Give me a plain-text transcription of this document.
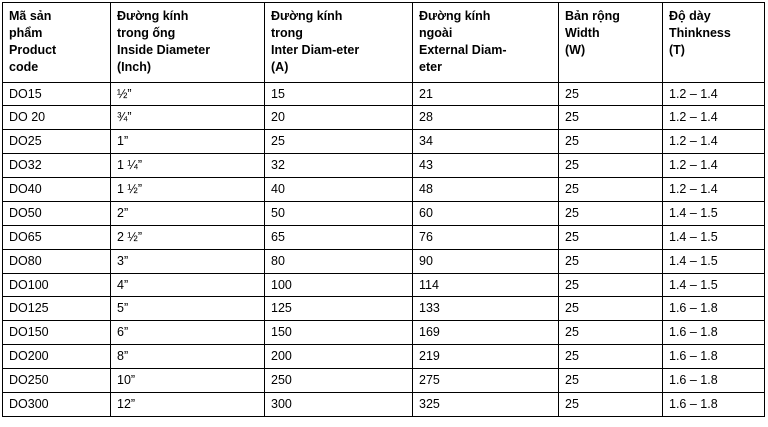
Mã sản
phẩm
Product
code	Đường kính
trong ống
Inside Diameter
(Inch)	Đường kính
trong
Inter Diam-eter
(A)	Đường kính
ngoài
External Diam-
eter	Bản rộng
Width
(W)	Độ dày
Thinkness
(T)

DO15	½”	15	21	25	1.2 – 1.4
DO 20	¾”	20	28	25	1.2 – 1.4
DO25	1”	25	34	25	1.2 – 1.4
DO32	1 ¼”	32	43	25	1.2 – 1.4
DO40	1 ½”	40	48	25	1.2 – 1.4
DO50	2”	50	60	25	1.4 – 1.5
DO65	2 ½”	65	76	25	1.4 – 1.5
DO80	3”	80	90	25	1.4 – 1.5
DO100	4”	100	114	25	1.4 – 1.5
DO125	5”	125	133	25	1.6 – 1.8
DO150	6”	150	169	25	1.6 – 1.8
DO200	8”	200	219	25	1.6 – 1.8
DO250	10”	250	275	25	1.6 – 1.8
DO300	12”	300	325	25	1.6 – 1.8
